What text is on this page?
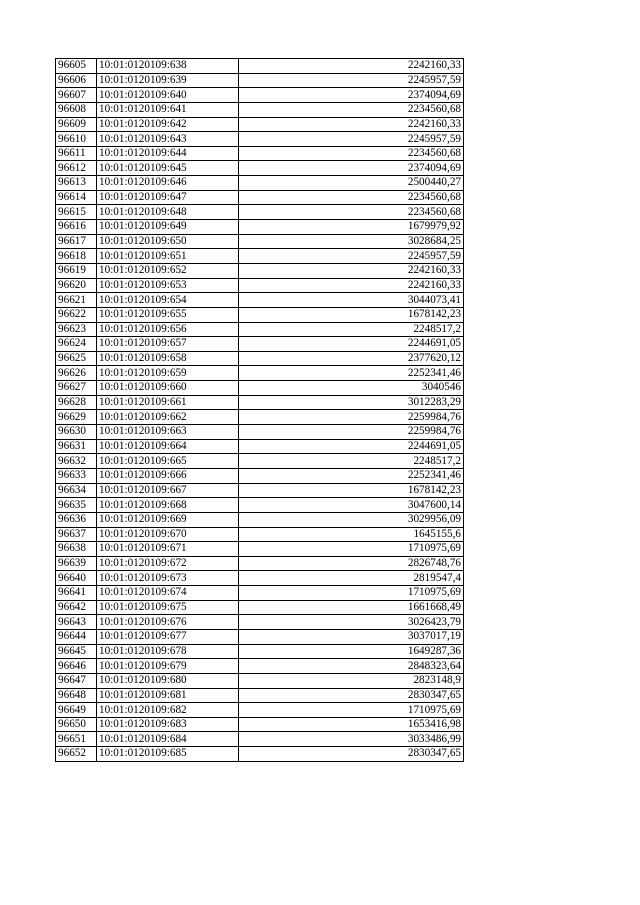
96605	10:01:0120109:638	2242160,33
96606	10:01:0120109:639	2245957,59
96607	10:01:0120109:640	2374094,69
96608	10:01:0120109:641	2234560,68
96609	10:01:0120109:642	2242160,33
96610	10:01:0120109:643	2245957,59
96611	10:01:0120109:644	2234560,68
96612	10:01:0120109:645	2374094,69
96613	10:01:0120109:646	2500440,27
96614	10:01:0120109:647	2234560,68
96615	10:01:0120109:648	2234560,68
96616	10:01:0120109:649	1679979,92
96617	10:01:0120109:650	3028684,25
96618	10:01:0120109:651	2245957,59
96619	10:01:0120109:652	2242160,33
96620	10:01:0120109:653	2242160,33
96621	10:01:0120109:654	3044073,41
96622	10:01:0120109:655	1678142,23
96623	10:01:0120109:656	2248517,2
96624	10:01:0120109:657	2244691,05
96625	10:01:0120109:658	2377620,12
96626	10:01:0120109:659	2252341,46
96627	10:01:0120109:660	3040546
96628	10:01:0120109:661	3012283,29
96629	10:01:0120109:662	2259984,76
96630	10:01:0120109:663	2259984,76
96631	10:01:0120109:664	2244691,05
96632	10:01:0120109:665	2248517,2
96633	10:01:0120109:666	2252341,46
96634	10:01:0120109:667	1678142,23
96635	10:01:0120109:668	3047600,14
96636	10:01:0120109:669	3029956,09
96637	10:01:0120109:670	1645155,6
96638	10:01:0120109:671	1710975,69
96639	10:01:0120109:672	2826748,76
96640	10:01:0120109:673	2819547,4
96641	10:01:0120109:674	1710975,69
96642	10:01:0120109:675	1661668,49
96643	10:01:0120109:676	3026423,79
96644	10:01:0120109:677	3037017,19
96645	10:01:0120109:678	1649287,36
96646	10:01:0120109:679	2848323,64
96647	10:01:0120109:680	2823148,9
96648	10:01:0120109:681	2830347,65
96649	10:01:0120109:682	1710975,69
96650	10:01:0120109:683	1653416,98
96651	10:01:0120109:684	3033486,99
96652	10:01:0120109:685	2830347,65
